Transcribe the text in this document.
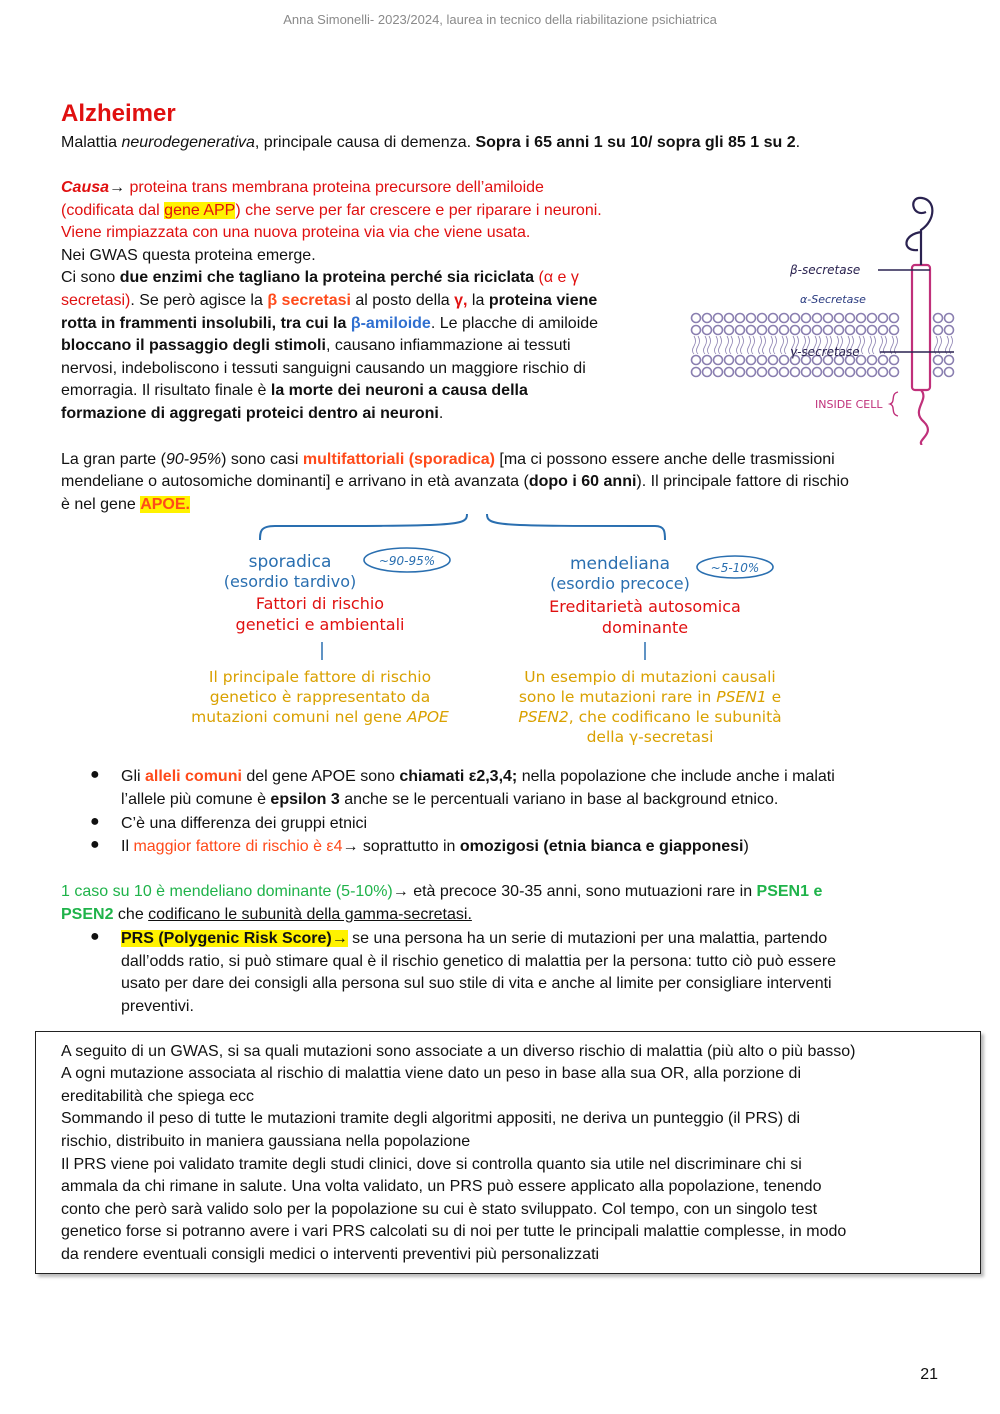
Anna Simonelli- 2023/2024, laurea in tecnico della riabilitazione psichiatrica
Alzheimer
Malattia neurodegenerativa, principale causa di demenza. Sopra i 65 anni 1 su 10/ sopra gli 85 1 su 2.
Causa→ proteina trans membrana proteina precursore dell’amiloide
(codificata dal gene APP) che serve per far crescere e per riparare i neuroni.
Viene rimpiazzata con una nuova proteina via via che viene usata.
Nei GWAS questa proteina emerge.
Ci sono due enzimi che tagliano la proteina perché sia riciclata (α e γ
secretasi). Se però agisce la β secretasi al posto della γ, la proteina viene
rotta in frammenti insolubili, tra cui la β-amiloide. Le placche di amiloide
bloccano il passaggio degli stimoli, causano infiammazione ai tessuti
nervosi, indeboliscono i tessuti sanguigni causando un maggiore rischio di
emorragia. Il risultato finale è la morte dei neuroni a causa della
formazione di aggregati proteici dentro ai neuroni.
β-secretase
α-Secretase
γ-secretase
INSIDE CELL
La gran parte (90-95%) sono casi multifattoriali (sporadica) [ma ci possono essere anche delle trasmissioni
mendeliane o autosomiche dominanti] e arrivano in età avanzata (dopo i 60 anni). Il principale fattore di rischio
è nel gene APOE.
sporadica
(esordio tardivo)
~90-95%
Fattori di rischio
genetici e ambientali
Il principale fattore di rischio
genetico è rappresentato da
mutazioni comuni nel gene APOE
mendeliana
(esordio precoce)
~5-10%
Ereditarietà autosomica
dominante
Un esempio di mutazioni causali
sono le mutazioni rare in PSEN1 e
PSEN2, che codificano le subunità
della γ-secretasi
● Gli alleli comuni del gene APOE sono chiamati ε2,3,4; nella popolazione che include anche i malati
l’allele più comune è epsilon 3 anche se le percentuali variano in base al background etnico.
● C’è una differenza dei gruppi etnici
● Il maggior fattore di rischio è ε4→ soprattutto in omozigosi (etnia bianca e giapponesi)
1 caso su 10 è mendeliano dominante (5-10%)→ età precoce 30-35 anni, sono mutuazioni rare in PSEN1 e
PSEN2 che codificano le subunità della gamma-secretasi.
● PRS (Polygenic Risk Score)→ se una persona ha un serie di mutazioni per una malattia, partendo
dall’odds ratio, si può stimare qual è il rischio genetico di malattia per la persona: tutto ciò può essere
usato per dare dei consigli alla persona sul suo stile di vita e anche al limite per consigliare interventi
preventivi.
A seguito di un GWAS, si sa quali mutazioni sono associate a un diverso rischio di malattia (più alto o più basso)
A ogni mutazione associata al rischio di malattia viene dato un peso in base alla sua OR, alla porzione di
ereditabilità che spiega ecc
Sommando il peso di tutte le mutazioni tramite degli algoritmi appositi, ne deriva un punteggio (il PRS) di
rischio, distribuito in maniera gaussiana nella popolazione
Il PRS viene poi validato tramite degli studi clinici, dove si controlla quanto sia utile nel discriminare chi si
ammala da chi rimane in salute. Una volta validato, un PRS può essere applicato alla popolazione, tenendo
conto che però sarà valido solo per la popolazione su cui è stato sviluppato. Col tempo, con un singolo test
genetico forse si potranno avere i vari PRS calcolati su di noi per tutte le principali malattie complesse, in modo
da rendere eventuali consigli medici o interventi preventivi più personalizzati
21
